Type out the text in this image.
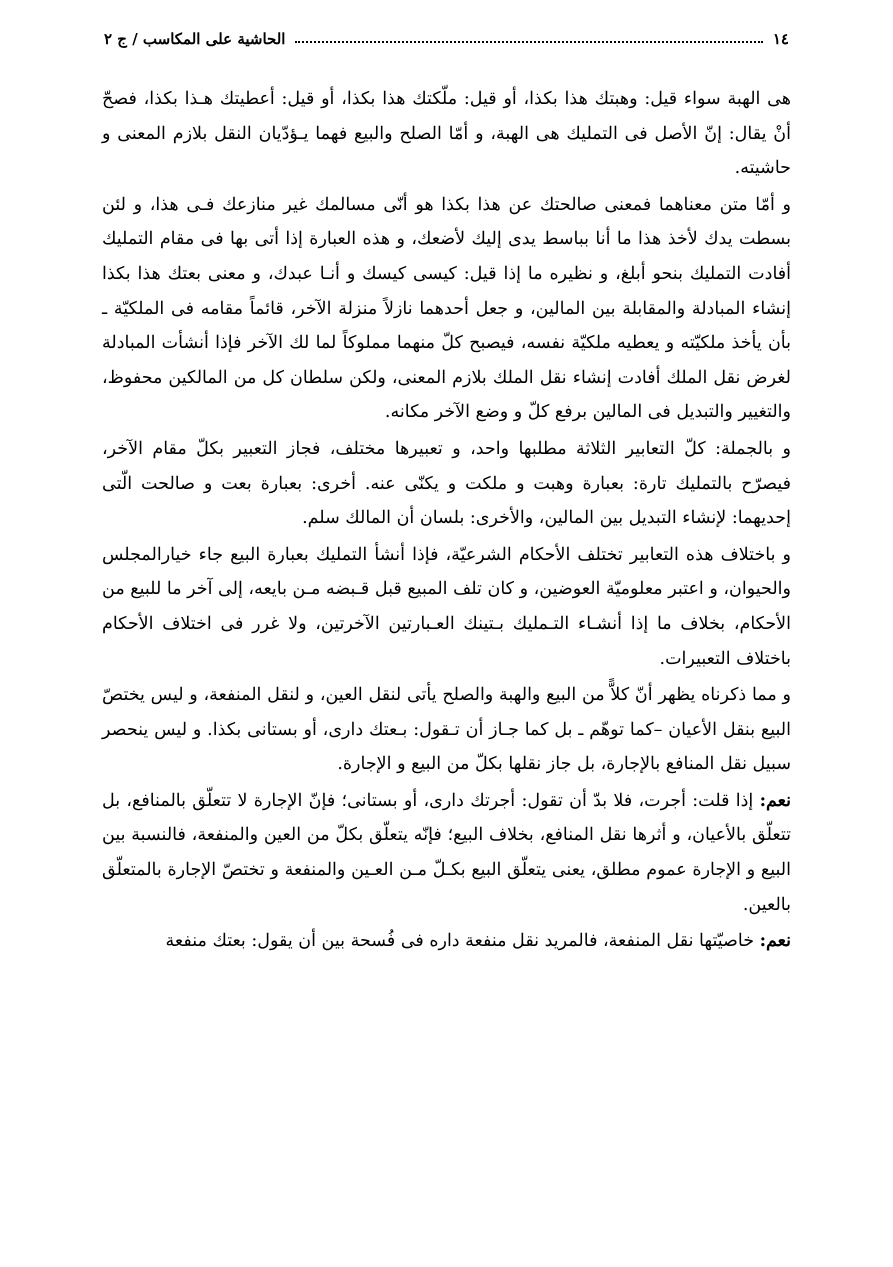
١٤
الحاشية على المكاسب / ج ٢

هى الهبة سواء قيل: وهبتك هذا بكذا، أو قيل: ملّكتك هذا بكذا، أو قيل: أعطيتك هـذا بكذا، فصحّ أنْ يقال: إنّ الأصل فى التمليك هى الهبة، و أمّا الصلح والبيع فهما يـؤدّيان النقل بلازم المعنى و حاشيته.

و أمّا متن معناهما فمعنى صالحتك عن هذا بكذا هو أنّى مسالمك غير منازعك فـى هذا، و لئن بسطت يدك لأخذ هذا ما أنا بباسط يدى إليك لأضعك، و هذه العبارة إذا أتى بها فى مقام التمليك أفادت التمليك بنحو أبلغ، و نظيره ما إذا قيل: كيسى كيسك و أنـا عبدك، و معنى بعتك هذا بكذا إنشاء المبادلة والمقابلة بين المالين، و جعل أحدهما نازلاً منزلة الآخر، قائماً مقامه فى الملكيّة ـ بأن يأخذ ملكيّته و يعطيه ملكيّة نفسه، فيصبح كلّ منهما مملوكاً لما لك الآخر فإذا أنشأت المبادلة لغرض نقل الملك أفادت إنشاء نقل الملك بلازم المعنى، ولكن سلطان كل من المالكين محفوظ، والتغيير والتبديل فى المالين برفع كلّ و وضع الآخر مكانه.

و بالجملة: كلّ التعابير الثلاثة مطلبها واحد، و تعبيرها مختلف، فجاز التعبير بكلّ مقام الآخر، فيصرّح بالتمليك تارة: بعبارة وهبت و ملكت و يكنّى عنه. أخرى: بعبارة بعت و صالحت الّتى إحديهما: لإنشاء التبديل بين المالين، والأخرى: بلسان أن المالك سلم.

و باختلاف هذه التعابير تختلف الأحكام الشرعيّة، فإذا أنشأ التمليك بعبارة البيع جاء خيارالمجلس والحيوان، و اعتبر معلوميّة العوضين، و كان تلف المبيع قبل قـبضه مـن بايعه، إلى آخر ما للبيع من الأحكام، بخلاف ما إذا أنشـاء التـمليك بـتينك العـبارتين الآخرتين، ولا غرر فى اختلاف الأحكام باختلاف التعبيرات.

و مما ذكرناه يظهر أنّ كلاًّ من البيع والهبة والصلح يأتى لنقل العين، و لنقل المنفعة، و ليس يختصّ البيع بنقل الأعيان –كما توهّم ـ بل كما جـاز أن تـقول: بـعتك دارى، أو بستانى بكذا. و ليس ينحصر سبيل نقل المنافع بالإجارة، بل جاز نقلها بكلّ من البيع و الإجارة.

نعم: إذا قلت: أجرت، فلا بدّ أن تقول: أجرتك دارى، أو بستانى؛ فإنّ الإجارة لا تتعلّق بالمنافع، بل تتعلّق بالأعيان، و أثرها نقل المنافع، بخلاف البيع؛ فإنّه يتعلّق بكلّ من العين والمنفعة، فالنسبة بين البيع و الإجارة عموم مطلق، يعنى يتعلّق البيع بكـلّ مـن العـين والمنفعة و تختصّ الإجارة بالمتعلّق بالعين.

نعم: خاصيّتها نقل المنفعة، فالمريد نقل منفعة داره فى فُسحة بين أن يقول: بعتك منفعة
